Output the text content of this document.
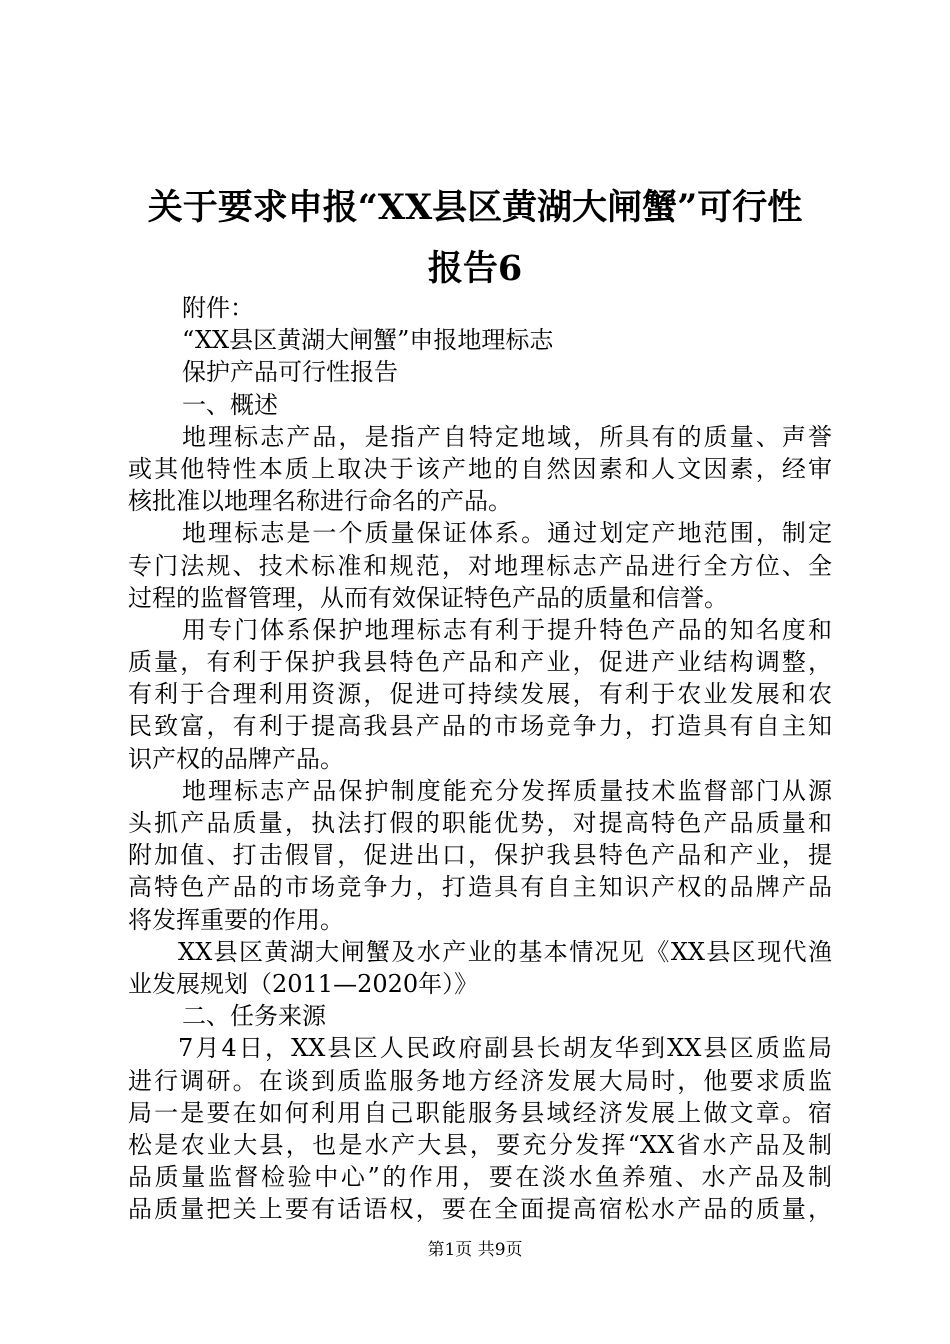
关于要求申报“XX县区黄湖大闸蟹”可行性
报告6
附件：
“XX县区黄湖大闸蟹”申报地理标志
保护产品可行性报告
一、概述
地理标志产品，是指产自特定地域，所具有的质量、声誉
或其他特性本质上取决于该产地的自然因素和人文因素，经审
核批准以地理名称进行命名的产品。
地理标志是一个质量保证体系。通过划定产地范围，制定
专门法规、技术标准和规范，对地理标志产品进行全方位、全
过程的监督管理，从而有效保证特色产品的质量和信誉。
用专门体系保护地理标志有利于提升特色产品的知名度和
质量，有利于保护我县特色产品和产业，促进产业结构调整，
有利于合理利用资源，促进可持续发展，有利于农业发展和农
民致富，有利于提高我县产品的市场竞争力，打造具有自主知
识产权的品牌产品。
地理标志产品保护制度能充分发挥质量技术监督部门从源
头抓产品质量，执法打假的职能优势，对提高特色产品质量和
附加值、打击假冒，促进出口，保护我县特色产品和产业，提
高特色产品的市场竞争力，打造具有自主知识产权的品牌产品
将发挥重要的作用。
XX县区黄湖大闸蟹及水产业的基本情况见《XX县区现代渔
业发展规划（2011—2020年）》
二、任务来源
7月4日，XX县区人民政府副县长胡友华到XX县区质监局
进行调研。在谈到质监服务地方经济发展大局时，他要求质监
局一是要在如何利用自己职能服务县域经济发展上做文章。宿
松是农业大县，也是水产大县，要充分发挥“XX省水产品及制
品质量监督检验中心”的作用，要在淡水鱼养殖、水产品及制
品质量把关上要有话语权，要在全面提高宿松水产品的质量，
第1页 共9页
